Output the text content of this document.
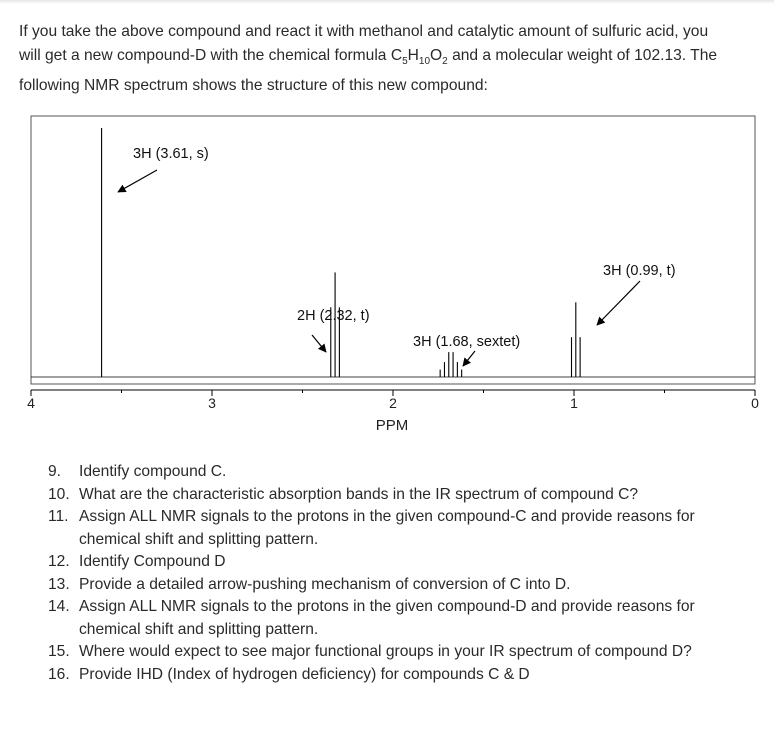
If you take the above compound and react it with methanol and catalytic amount of sulfuric acid, you
will get a new compound-D with the chemical formula $C_5H_{10}O_2$ and a molecular weight of 102.13. The
following NMR spectrum shows the structure of this new compound:
4	3	2	1	0
3H (3.61, s)
2H (2.32, t)
3H (1.68, sextet)
3H (0.99, t)
PPM
9.	Identify compound C.
10. What are the characteristic absorption bands in the IR spectrum of compound C?
11. Assign ALL NMR signals to the protons in the given compound-C and provide reasons for chemical shift and splitting pattern.
12. Identify Compound D
13. Provide a detailed arrow-pushing mechanism of conversion of C into D.
14. Assign ALL NMR signals to the protons in the given compound-D and provide reasons for chemical shift and splitting pattern.
15. Where would expect to see major functional groups in your IR spectrum of compound D?
16. Provide IHD (Index of hydrogen deficiency) for compounds C & D
